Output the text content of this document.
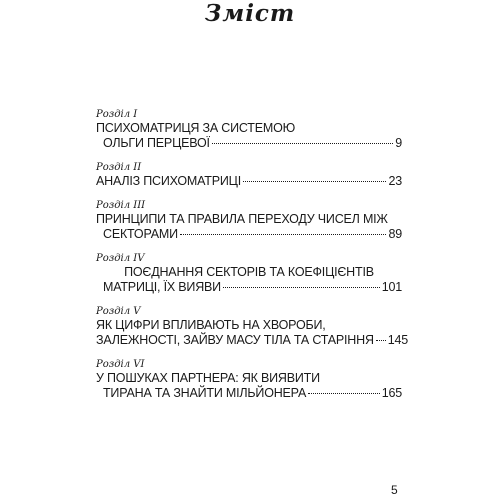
Зміст
Розділ I
ПСИХОМАТРИЦЯ ЗА СИСТЕМОЮ
ОЛЬГИ ПЕРЦЕВОЇ	9
Розділ II
АНАЛІЗ ПСИХОМАТРИЦІ	23
Розділ III
ПРИНЦИПИ ТА ПРАВИЛА ПЕРЕХОДУ ЧИСЕЛ МІЖ
СЕКТОРАМИ	89
Розділ IV
ПОЄДНАННЯ СЕКТОРІВ ТА КОЕФІЦІЄНТІВ
МАТРИЦІ, ЇХ ВИЯВИ	101
Розділ V
ЯК ЦИФРИ ВПЛИВАЮТЬ НА ХВОРОБИ,
ЗАЛЕЖНОСТІ, ЗАЙВУ МАСУ ТІЛА ТА СТАРІННЯ 145
Розділ VI
У ПОШУКАХ ПАРТНЕРА: ЯК ВИЯВИТИ
ТИРАНА ТА ЗНАЙТИ МІЛЬЙОНЕРА	165
5
